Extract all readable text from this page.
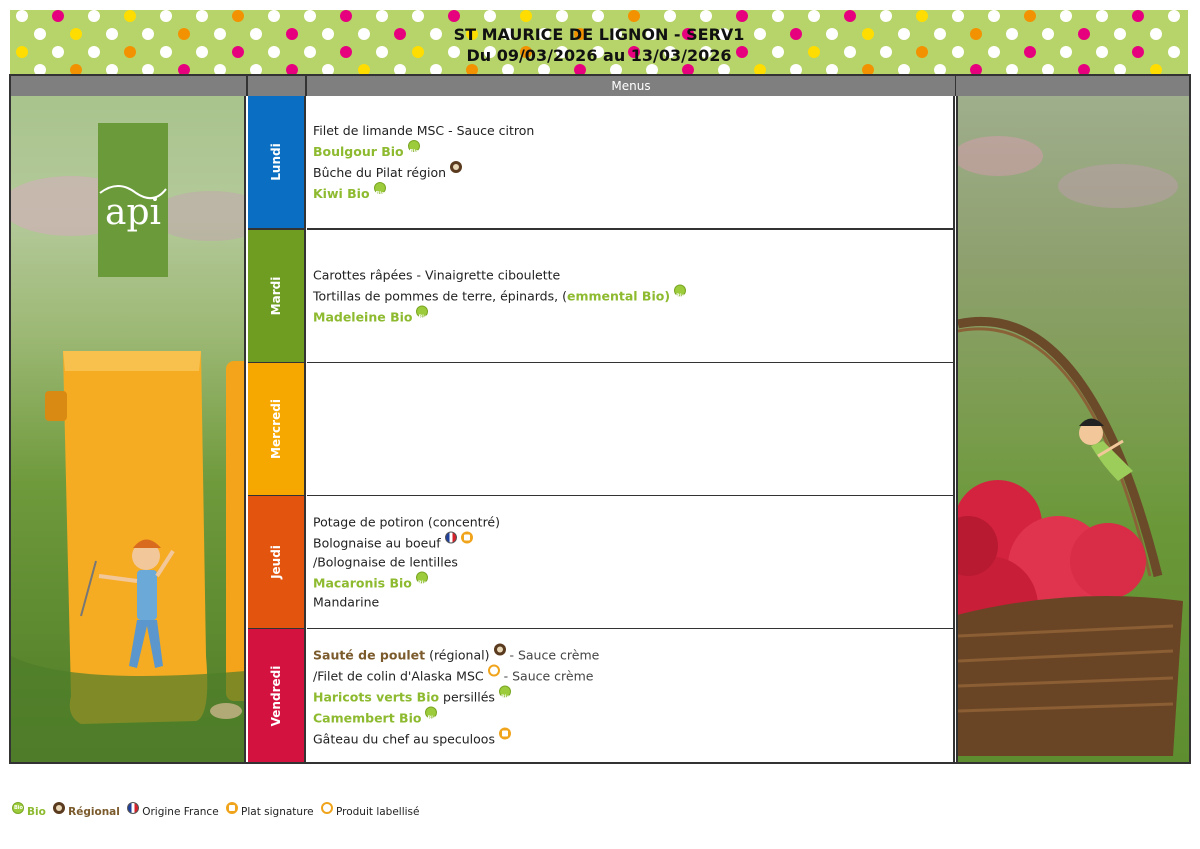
ST MAURICE DE LIGNON - SERV1
Du 09/03/2026 au 13/03/2026
Menus
api
Lundi
Mardi
Mercredi
Jeudi
Vendredi
Filet de limande MSC - Sauce citron
Boulgour BioBio
Bûche du Pilat région
Kiwi BioBio
Carottes râpées - Vinaigrette ciboulette
Tortillas de pommes de terre, épinards, (emmental Bio)Bio
Madeleine BioBio
Potage de potiron (concentré)
Bolognaise au boeuf
/Bolognaise de lentilles
Macaronis BioBio
Mandarine
Sauté de poulet (régional) - Sauce crème
/Filet de colin d'Alaska MSC - Sauce crème
Haricots verts Bio persillésBio
Camembert BioBio
Gâteau du chef au speculoos
BioBio Régional Origine France Plat signature Produit labellisé
